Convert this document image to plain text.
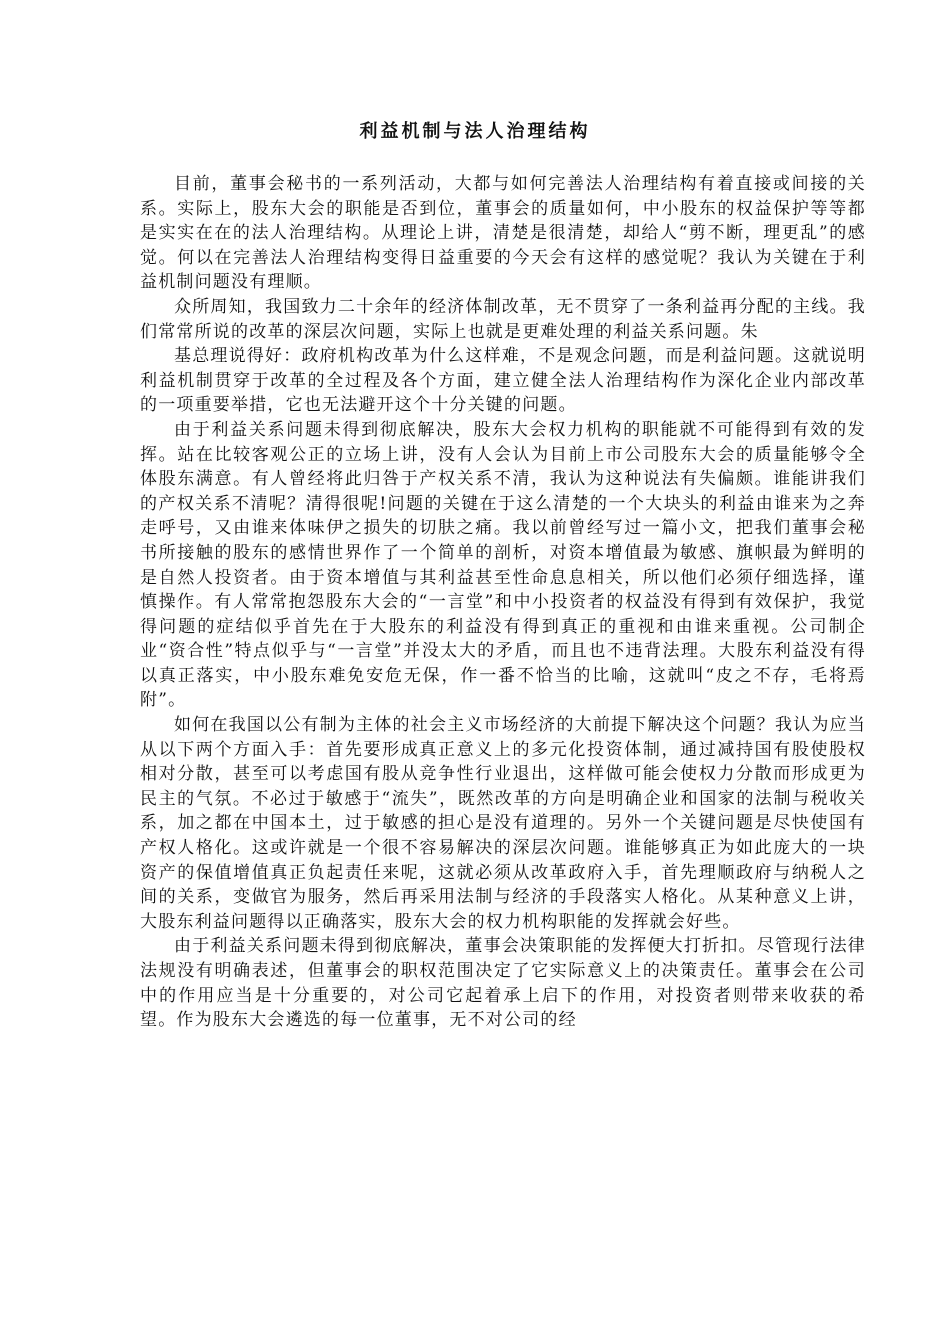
利益机制与法人治理结构

目前，董事会秘书的一系列活动，大都与如何完善法人治理结构有着直接或间接的关系。实际上，股东大会的职能是否到位，董事会的质量如何，中小股东的权益保护等等都是实实在在的法人治理结构。从理论上讲，清楚是很清楚，却给人“剪不断，理更乱”的感觉。何以在完善法人治理结构变得日益重要的今天会有这样的感觉呢？我认为关键在于利益机制问题没有理顺。

众所周知，我国致力二十余年的经济体制改革，无不贯穿了一条利益再分配的主线。我们常常所说的改革的深层次问题，实际上也就是更难处理的利益关系问题。朱

基总理说得好：政府机构改革为什么这样难，不是观念问题，而是利益问题。这就说明利益机制贯穿于改革的全过程及各个方面，建立健全法人治理结构作为深化企业内部改革的一项重要举措，它也无法避开这个十分关键的问题。

由于利益关系问题未得到彻底解决，股东大会权力机构的职能就不可能得到有效的发挥。站在比较客观公正的立场上讲，没有人会认为目前上市公司股东大会的质量能够令全体股东满意。有人曾经将此归咎于产权关系不清，我认为这种说法有失偏颇。谁能讲我们的产权关系不清呢？清得很呢!问题的关键在于这么清楚的一个大块头的利益由谁来为之奔走呼号，又由谁来体味伊之损失的切肤之痛。我以前曾经写过一篇小文，把我们董事会秘书所接触的股东的感情世界作了一个简单的剖析，对资本增值最为敏感、旗帜最为鲜明的是自然人投资者。由于资本增值与其利益甚至性命息息相关，所以他们必须仔细选择，谨慎操作。有人常常抱怨股东大会的“一言堂”和中小投资者的权益没有得到有效保护，我觉得问题的症结似乎首先在于大股东的利益没有得到真正的重视和由谁来重视。公司制企业“资合性”特点似乎与“一言堂”并没太大的矛盾，而且也不违背法理。大股东利益没有得以真正落实，中小股东难免安危无保，作一番不恰当的比喻，这就叫“皮之不存，毛将焉附”。

如何在我国以公有制为主体的社会主义市场经济的大前提下解决这个问题？我认为应当从以下两个方面入手：首先要形成真正意义上的多元化投资体制，通过减持国有股使股权相对分散，甚至可以考虑国有股从竞争性行业退出，这样做可能会使权力分散而形成更为民主的气氛。不必过于敏感于“流失”，既然改革的方向是明确企业和国家的法制与税收关系，加之都在中国本土，过于敏感的担心是没有道理的。另外一个关键问题是尽快使国有产权人格化。这或许就是一个很不容易解决的深层次问题。谁能够真正为如此庞大的一块资产的保值增值真正负起责任来呢，这就必须从改革政府入手，首先理顺政府与纳税人之间的关系，变做官为服务，然后再采用法制与经济的手段落实人格化。从某种意义上讲，大股东利益问题得以正确落实，股东大会的权力机构职能的发挥就会好些。

由于利益关系问题未得到彻底解决，董事会决策职能的发挥便大打折扣。尽管现行法律法规没有明确表述，但董事会的职权范围决定了它实际意义上的决策责任。董事会在公司中的作用应当是十分重要的，对公司它起着承上启下的作用，对投资者则带来收获的希望。作为股东大会遴选的每一位董事，无不对公司的经
